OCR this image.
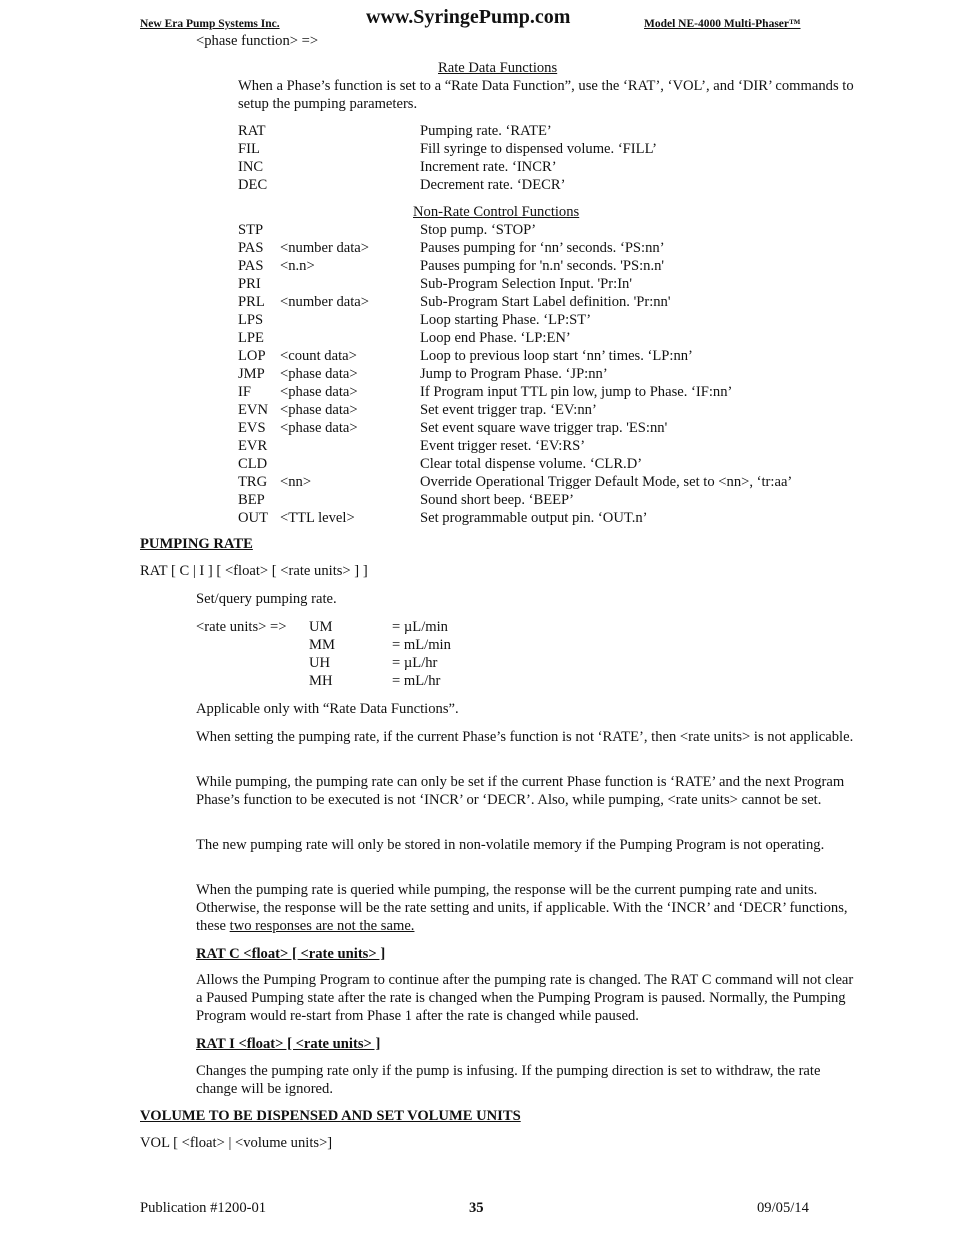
New Era Pump Systems Inc.	www.SyringePump.com	Model NE-4000 Multi-Phaser™
<phase function> =>
Rate Data Functions
When a Phase’s function is set to a “Rate Data Function”, use the ‘RAT’, ‘VOL’, and ‘DIR’ commands to setup the pumping parameters.
RAT	Pumping rate. ‘RATE’
FIL	Fill syringe to dispensed volume. ‘FILL’
INC	Increment rate. ‘INCR’
DEC	Decrement rate. ‘DECR’
Non-Rate Control Functions
STP	Stop pump. ‘STOP’
PAS <number data>	Pauses pumping for ‘nn’ seconds. ‘PS:nn’
PAS <n.n>	Pauses pumping for 'n.n' seconds. 'PS:n.n'
PRI	Sub-Program Selection Input. 'Pr:In'
PRL <number data>	Sub-Program Start Label definition. 'Pr:nn'
LPS	Loop starting Phase. ‘LP:ST’
LPE	Loop end Phase. ‘LP:EN’
LOP <count data>	Loop to previous loop start ‘nn’ times. ‘LP:nn’
JMP <phase data>	Jump to Program Phase. ‘JP:nn’
IF <phase data>	If Program input TTL pin low, jump to Phase. ‘IF:nn’
EVN <phase data>	Set event trigger trap. ‘EV:nn’
EVS <phase data>	Set event square wave trigger trap. 'ES:nn'
EVR	Event trigger reset. ‘EV:RS’
CLD	Clear total dispense volume. ‘CLR.D’
TRG <nn>	Override Operational Trigger Default Mode, set to <nn>, ‘tr:aa’
BEP	Sound short beep. ‘BEEP’
OUT <TTL level>	Set programmable output pin. ‘OUT.n’
PUMPING RATE
RAT [ C | I ] [ <float> [ <rate units> ] ]
Set/query pumping rate.
<rate units> => UM	= µL/min
MM	= mL/min
UH	= µL/hr
MH	= mL/hr
Applicable only with “Rate Data Functions”.
When setting the pumping rate, if the current Phase’s function is not ‘RATE’, then <rate units> is not applicable.
While pumping, the pumping rate can only be set if the current Phase function is ‘RATE’ and the next Program Phase’s function to be executed is not ‘INCR’ or ‘DECR’. Also, while pumping, <rate units> cannot be set.
The new pumping rate will only be stored in non-volatile memory if the Pumping Program is not operating.
When the pumping rate is queried while pumping, the response will be the current pumping rate and units. Otherwise, the response will be the rate setting and units, if applicable. With the ‘INCR’ and ‘DECR’ functions, these two responses are not the same.
RAT C <float> [ <rate units> ]
Allows the Pumping Program to continue after the pumping rate is changed. The RAT C command will not clear a Paused Pumping state after the rate is changed when the Pumping Program is paused. Normally, the Pumping Program would re-start from Phase 1 after the rate is changed while paused.
RAT I <float> [ <rate units> ]
Changes the pumping rate only if the pump is infusing. If the pumping direction is set to withdraw, the rate change will be ignored.
VOLUME TO BE DISPENSED AND SET VOLUME UNITS
VOL [ <float> | <volume units>]
Publication #1200-01	35	09/05/14
